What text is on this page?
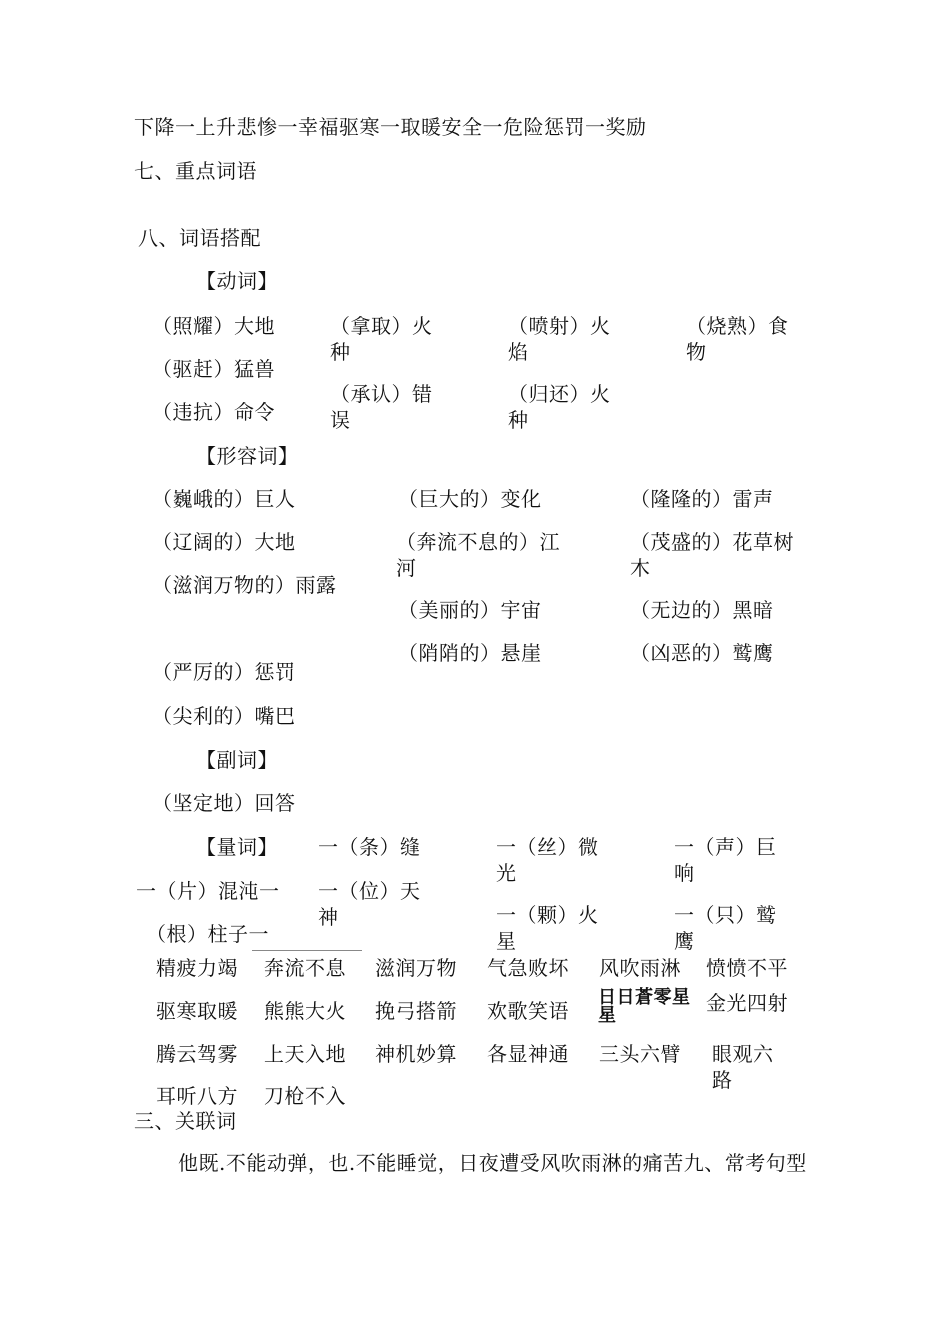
下降一上升悲惨一幸福驱寒一取暖安全一危险惩罚一奖励
七、重点词语
八、词语搭配
【动词】
（照耀）大地
（驱赶）猛兽
（违抗）命令
（拿取）火种
（承认）错误
（喷射）火焰
（归还）火种
（烧熟）食物
【形容词】
（巍峨的）巨人
（辽阔的）大地
（滋润万物的）雨露
（严厉的）惩罚
（尖利的）嘴巴
（巨大的）变化
（奔流不息的）江河
（美丽的）宇宙
（陗陗的）悬崖
（隆隆的）雷声
（茂盛的）花草树木
（无边的）黑暗
（凶恶的）鹫鹰
【副词】
（坚定地）回答
【量词】
一（片）混沌一
（根）柱子一
一（条）缝
一（位）天神
一（丝）微光
一（颗）火星
一（声）巨响
一（只）鹫鹰
精疲力竭 奔流不息 滋润万物 气急败坏 风吹雨淋 愤愤不平
驱寒取暖 熊熊大火 挽弓搭箭 欢歌笑语
日日蒼零星星
金光四射
腾云驾雾 上天入地 神机妙算 各显神通 三头六臂 眼观六路
耳听八方 刀枪不入
三、关联词
他既.不能动弹，也.不能睡觉，日夜遭受风吹雨淋的痛苦九、常考句型
